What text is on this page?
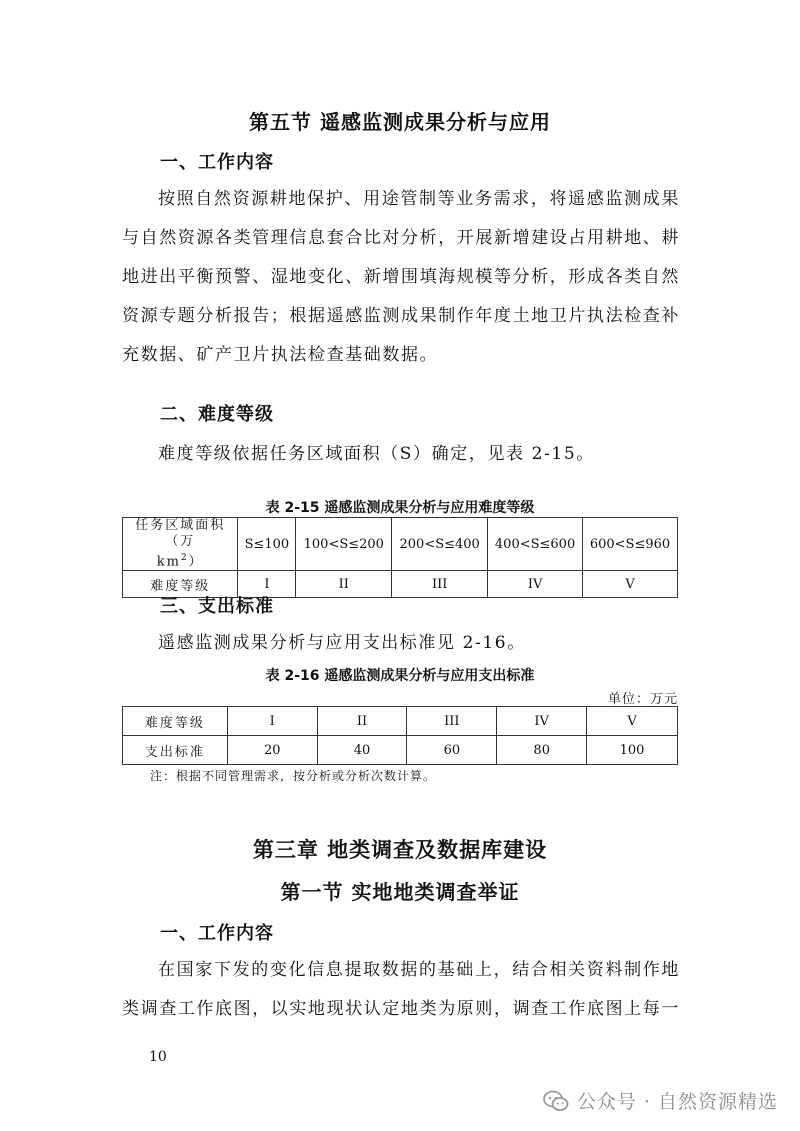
第五节 遥感监测成果分析与应用
一、工作内容

按照自然资源耕地保护、用途管制等业务需求，将遥感监测成果与自然资源各类管理信息套合比对分析，开展新增建设占用耕地、耕地进出平衡预警、湿地变化、新增围填海规模等分析，形成各类自然资源专题分析报告；根据遥感监测成果制作年度土地卫片执法检查补充数据、矿产卫片执法检查基础数据。

二、难度等级

难度等级依据任务区域面积（S）确定，见表 2-15。

表 2-15 遥感监测成果分析与应用难度等级
任务区域面积（万
$km^2$）	S≤100	100<S≤200	200<S≤400	400<S≤600	600<S≤960
难度等级	I	II	III	IV	V
三、支出标准

遥感监测成果分析与应用支出标准见 2-16。

表 2-16 遥感监测成果分析与应用支出标准
单位：万元
难度等级	I	II	III	IV	V
支出标准	20	40	60	80	100
注：根据不同管理需求，按分析或分析次数计算。
第三章 地类调查及数据库建设
第一节 实地地类调查举证
一、工作内容

在国家下发的变化信息提取数据的基础上，结合相关资料制作地类调查工作底图，以实地现状认定地类为原则，调查工作底图上每一

10
公众号 · 自然资源精选
